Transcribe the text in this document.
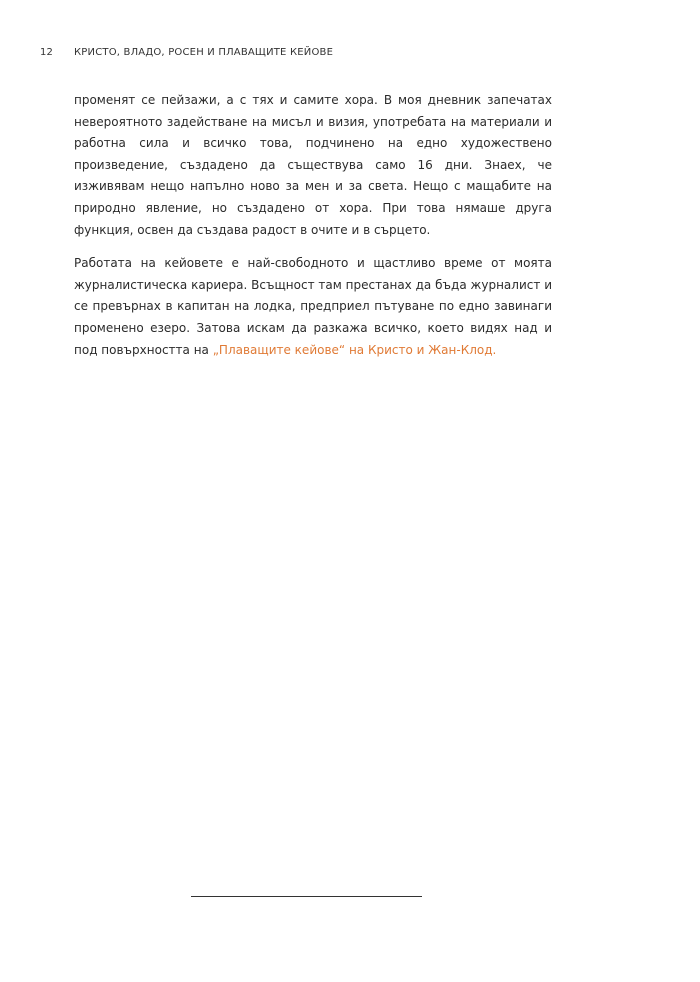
12	КРИСТО, ВЛАДО, РОСЕН И ПЛАВАЩИТЕ КЕЙОВЕ

променят се пейзажи, а с тях и самите хора. В моя дневник запечатах невероятното задействане на мисъл и визия, употребата на материали и работна сила и всичко това, подчинено на едно художествено произведение, създадено да съществува само 16 дни. Знаех, че изживявам нещо напълно ново за мен и за света. Нещо с мащабите на природно явление, но създадено от хора. При това нямаше друга функция, освен да създава радост в очите и в сърцето.

Работата на кейовете е най-свободното и щастливо време от моята журналистическа кариера. Всъщност там престанах да бъда журналист и се превърнах в капитан на лодка, предприел пътуване по едно завинаги променено езеро. Затова искам да разкажа всичко, което видях над и под повърхността на „Плаващите кейове“ на Кристо и Жан-Клод.
